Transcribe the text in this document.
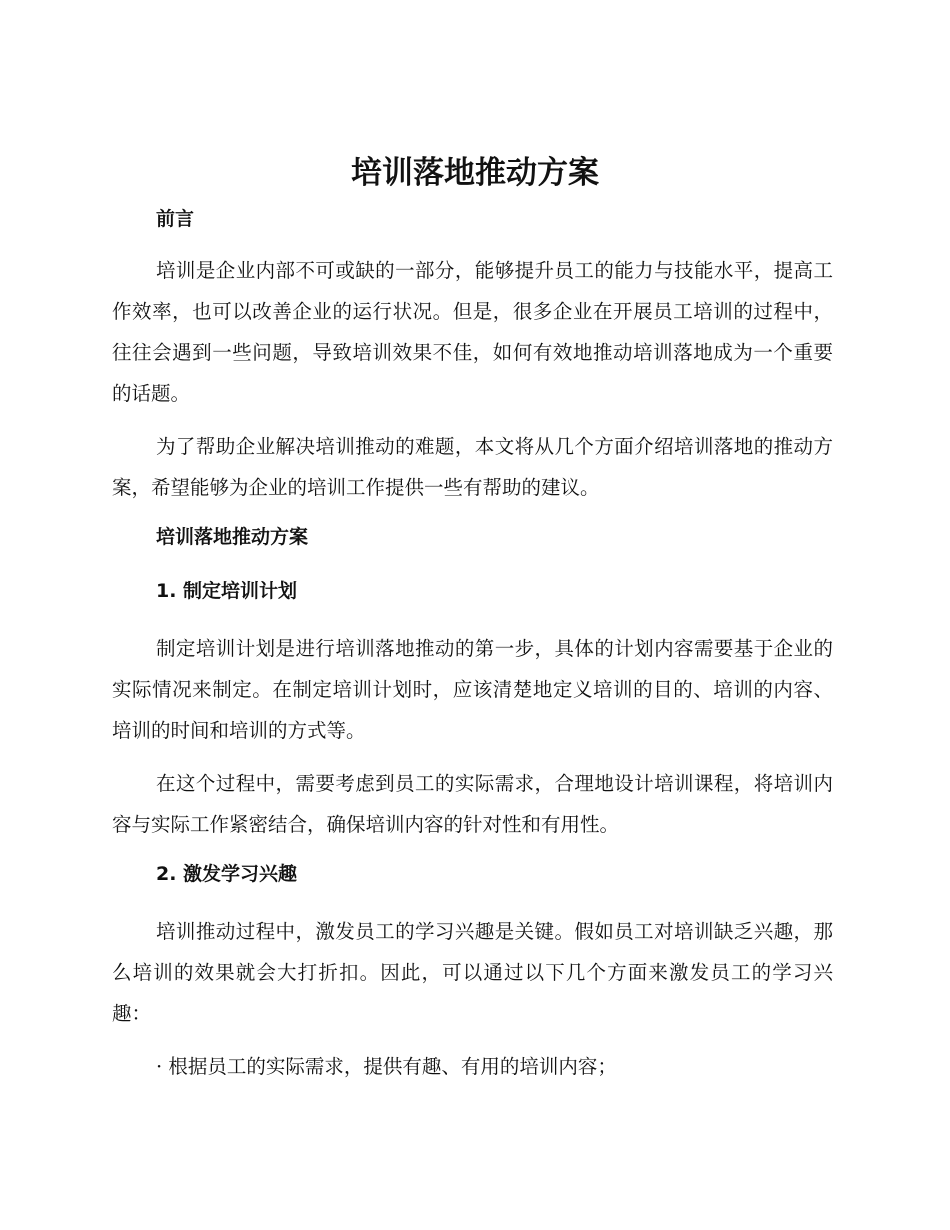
培训落地推动方案

前言

培训是企业内部不可或缺的一部分，能够提升员工的能力与技能水平，提高工作效率，也可以改善企业的运行状况。但是，很多企业在开展员工培训的过程中，往往会遇到一些问题，导致培训效果不佳，如何有效地推动培训落地成为一个重要的话题。

为了帮助企业解决培训推动的难题，本文将从几个方面介绍培训落地的推动方案，希望能够为企业的培训工作提供一些有帮助的建议。

培训落地推动方案

1. 制定培训计划

制定培训计划是进行培训落地推动的第一步，具体的计划内容需要基于企业的实际情况来制定。在制定培训计划时，应该清楚地定义培训的目的、培训的内容、培训的时间和培训的方式等。

在这个过程中，需要考虑到员工的实际需求，合理地设计培训课程，将培训内容与实际工作紧密结合，确保培训内容的针对性和有用性。

2. 激发学习兴趣

培训推动过程中，激发员工的学习兴趣是关键。假如员工对培训缺乏兴趣，那么培训的效果就会大打折扣。因此，可以通过以下几个方面来激发员工的学习兴趣：

· 根据员工的实际需求，提供有趣、有用的培训内容；
